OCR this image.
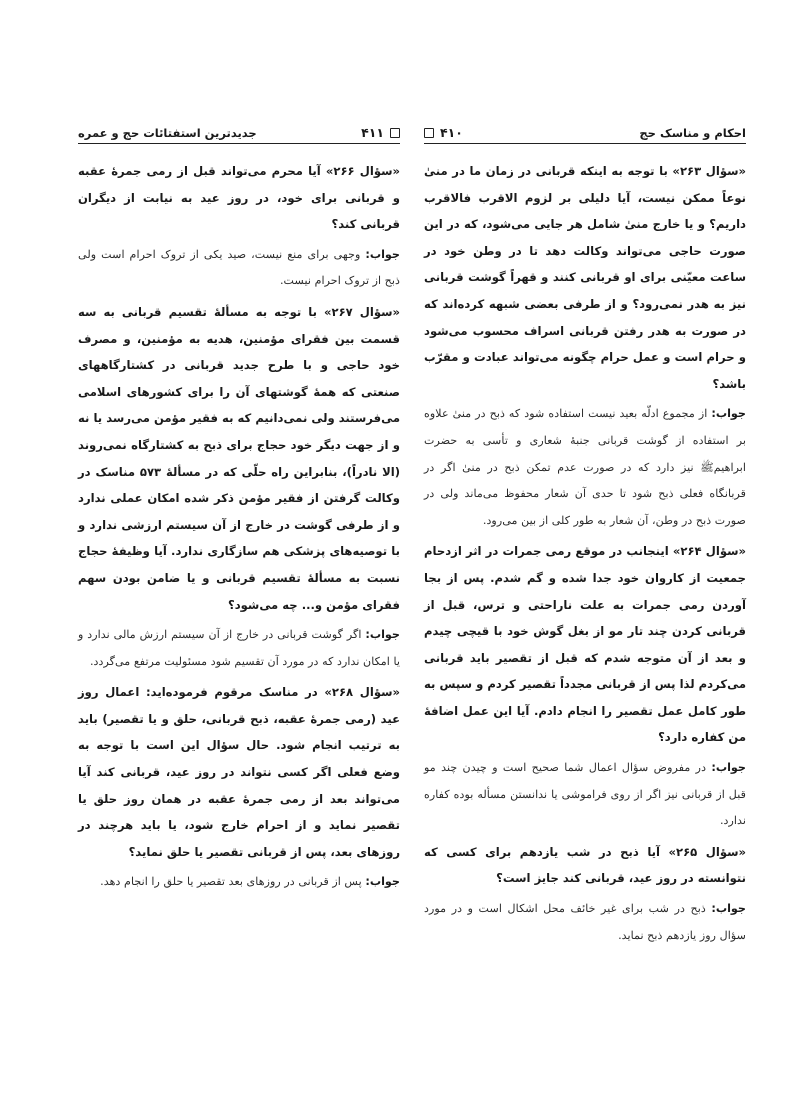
جدیدترین استفتائات حج و عمره	۴۱۱

«سؤال ۲۶۶» آیا محرم می‌تواند قبل از رمی جمرهٔ عقبه و قربانی برای خود، در روز عید به نیابت از دیگران قربانی کند؟

جواب: وجهی برای منع نیست، صید یکی از تروک احرام است ولی ذبح از تروک احرام نیست.

«سؤال ۲۶۷» با توجه به مسألهٔ تقسیم قربانی به سه قسمت بین فقرای مؤمنین، هدیه به مؤمنین، و مصرف خود حاجی و با طرح جدید قربانی در کشتارگاههای صنعتی که همهٔ گوشتهای آن را برای کشورهای اسلامی می‌فرستند ولی نمی‌دانیم که به فقیر مؤمن می‌رسد یا نه و از جهت دیگر خود حجاج برای ذبح به کشتارگاه نمی‌روند (الا نادراً)، بنابراین راه حلّی که در مسألهٔ ۵۷۳ مناسک در وکالت گرفتن از فقیر مؤمن ذکر شده امکان عملی ندارد و از طرفی گوشت در خارج از آن سیستم ارزشی ندارد و با توصیه‌های پزشکی هم سازگاری ندارد. آیا وظیفهٔ حجاج نسبت به مسألهٔ تقسیم قربانی و یا ضامن بودن سهم فقرای مؤمن و... چه می‌شود؟

جواب: اگر گوشت قربانی در خارج از آن سیستم ارزش مالی ندارد و یا امکان ندارد که در مورد آن تقسیم شود مسئولیت مرتفع می‌گردد.

«سؤال ۲۶۸» در مناسک مرقوم فرموده‌اید: اعمال روز عید (رمی جمرهٔ عقبه، ذبح قربانی، حلق و یا تقصیر) باید به ترتیب انجام شود. حال سؤال این است با توجه به وضع فعلی اگر کسی نتواند در روز عید، قربانی کند آیا می‌تواند بعد از رمی جمرهٔ عقبه در همان روز حلق یا تقصیر نماید و از احرام خارج شود، یا باید هرچند در روزهای بعد، پس از قربانی تقصیر یا حلق نماید؟

جواب: پس از قربانی در روزهای بعد تقصیر یا حلق را انجام دهد.

احکام و مناسک حج
۴۱۰

«سؤال ۲۶۳» با توجه به اینکه قربانی در زمان ما در منیٰ نوعاً ممکن نیست، آیا دلیلی بر لزوم الاقرب فالاقرب داریم؟ و یا خارج منیٰ شامل هر جایی می‌شود، که در این صورت حاجی می‌تواند وکالت دهد تا در وطن خود در ساعت معیّنی برای او قربانی کنند و قهراً گوشت قربانی نیز به هدر نمی‌رود؟ و از طرفی بعضی شبهه کرده‌اند که در صورت به هدر رفتن قربانی اسراف محسوب می‌شود و حرام است و عمل حرام چگونه می‌تواند عبادت و مقرّب باشد؟

جواب: از مجموع ادلّه بعید نیست استفاده شود که ذبح در منیٰ علاوه بر استفاده از گوشت قربانی جنبهٔ شعاری و تأسی به حضرت ابراهیم‌ﷺ نیز دارد که در صورت عدم تمکن ذبح در منیٰ اگر در قربانگاه فعلی ذبح شود تا حدی آن شعار محفوظ می‌ماند ولی در صورت ذبح در وطن، آن شعار به طور کلی از بین می‌رود.

«سؤال ۲۶۴» اینجانب در موقع رمی جمرات در اثر ازدحام جمعیت از کاروان خود جدا شده و گم شدم. پس از بجا آوردن رمی جمرات به علت ناراحتی و ترس، قبل از قربانی کردن چند تار مو از بغل گوش خود با قیچی چیدم و بعد از آن متوجه شدم که قبل از تقصیر باید قربانی می‌کردم لذا پس از قربانی مجدداً تقصیر کردم و سپس به طور کامل عمل تقصیر را انجام دادم. آیا این عمل اضافهٔ من کفاره دارد؟

جواب: در مفروض سؤال اعمال شما صحیح است و چیدن چند مو قبل از قربانی نیز اگر از روی فراموشی یا ندانستن مسأله بوده کفاره ندارد.

«سؤال ۲۶۵» آیا ذبح در شب یازدهم برای کسی که نتوانسته در روز عید، قربانی کند جایز است؟

جواب: ذبح در شب برای غیر خائف محل اشکال است و در مورد سؤال روز یازدهم ذبح نماید.
